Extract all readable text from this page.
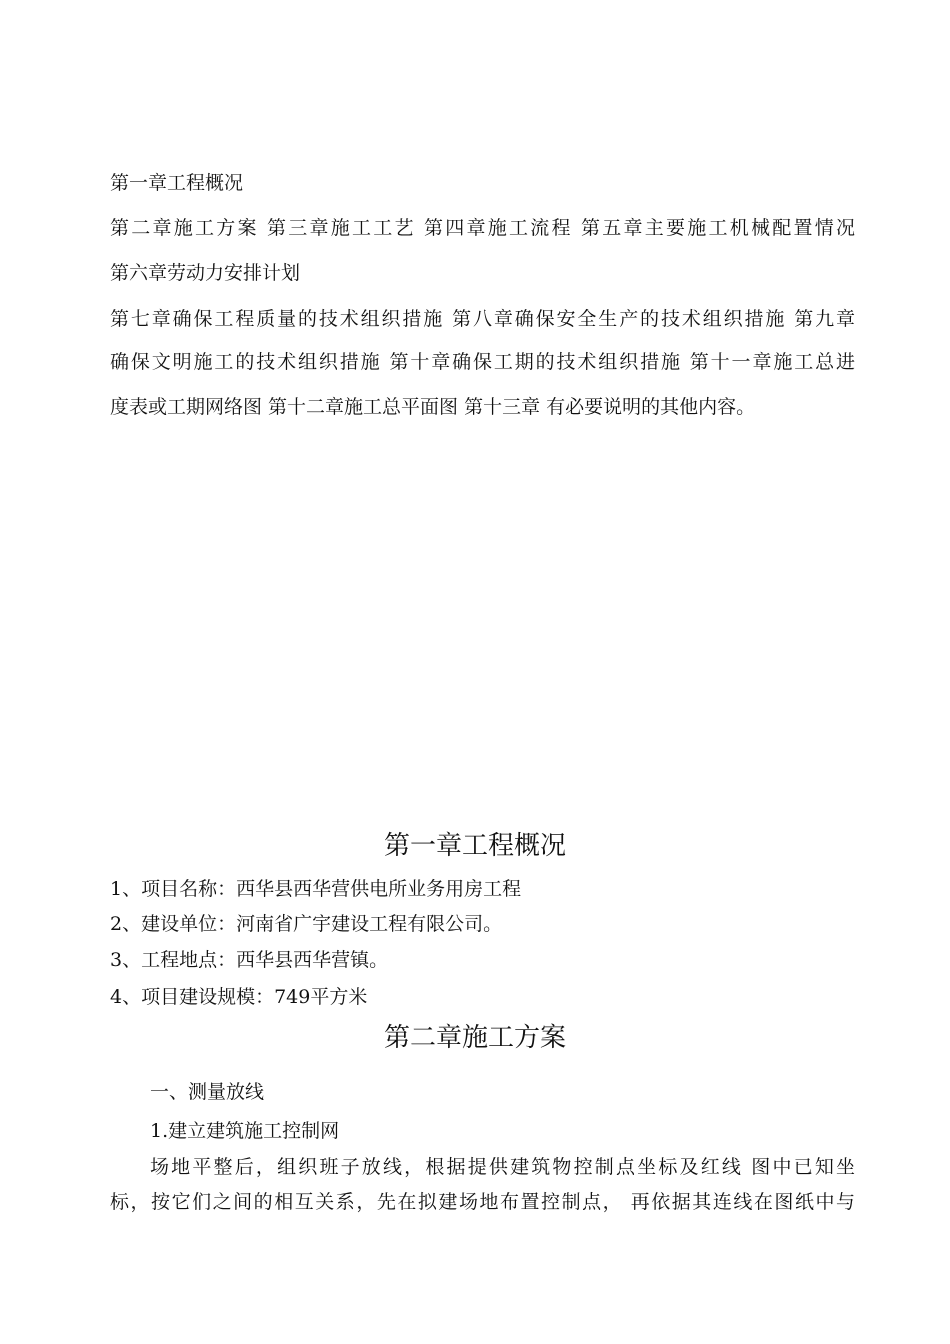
第一章工程概况
第二章施工方案 第三章施工工艺 第四章施工流程 第五章主要施工机械配置情况
第六章劳动力安排计划
第七章确保工程质量的技术组织措施 第八章确保安全生产的技术组织措施 第九章
确保文明施工的技术组织措施 第十章确保工期的技术组织措施 第十一章施工总进
度表或工期网络图 第十二章施工总平面图 第十三章 有必要说明的其他内容。
第一章工程概况
1、项目名称：西华县西华营供电所业务用房工程
2、建设单位：河南省广宇建设工程有限公司。
3、工程地点：西华县西华营镇。
4、项目建设规模：749平方米
第二章施工方案
一、测量放线
1.建立建筑施工控制网
场地平整后，组织班子放线，根据提供建筑物控制点坐标及红线 图中已知坐
标，按它们之间的相互关系，先在拟建场地布置控制点， 再依据其连线在图纸中与
